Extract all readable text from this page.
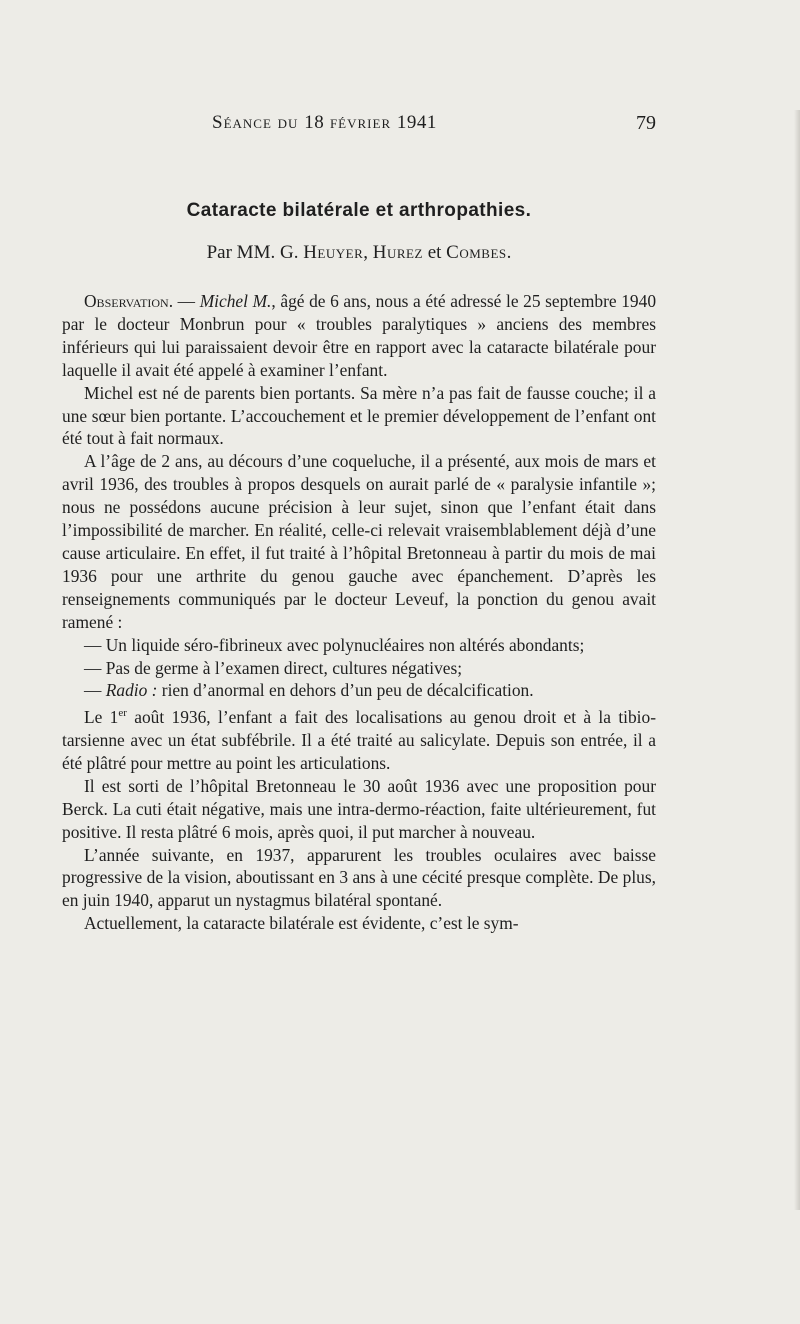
Séance du 18 février 1941	79
Cataracte bilatérale et arthropathies.
Par MM. G. Heuyer, Hurez et Combes.

Observation. — Michel M., âgé de 6 ans, nous a été adressé le 25 septembre 1940 par le docteur Monbrun pour « troubles paralytiques » anciens des membres inférieurs qui lui paraissaient devoir être en rapport avec la cataracte bilatérale pour laquelle il avait été appelé à examiner l’enfant.

Michel est né de parents bien portants. Sa mère n’a pas fait de fausse couche; il a une sœur bien portante. L’accouchement et le premier développement de l’enfant ont été tout à fait normaux.

A l’âge de 2 ans, au décours d’une coqueluche, il a présenté, aux mois de mars et avril 1936, des troubles à propos desquels on aurait parlé de « paralysie infantile »; nous ne possédons aucune précision à leur sujet, sinon que l’enfant était dans l’impossibilité de marcher. En réalité, celle-ci relevait vraisemblablement déjà d’une cause articulaire. En effet, il fut traité à l’hôpital Bretonneau à partir du mois de mai 1936 pour une arthrite du genou gauche avec épanchement. D’après les renseignements communiqués par le docteur Leveuf, la ponction du genou avait ramené :

— Un liquide séro-fibrineux avec polynucléaires non altérés abondants;

— Pas de germe à l’examen direct, cultures négatives;

— Radio : rien d’anormal en dehors d’un peu de décalcification.

Le 1er août 1936, l’enfant a fait des localisations au genou droit et à la tibio-tarsienne avec un état subfébrile. Il a été traité au salicylate. Depuis son entrée, il a été plâtré pour mettre au point les articulations.

Il est sorti de l’hôpital Bretonneau le 30 août 1936 avec une proposition pour Berck. La cuti était négative, mais une intra-dermo-réaction, faite ultérieurement, fut positive. Il resta plâtré 6 mois, après quoi, il put marcher à nouveau.

L’année suivante, en 1937, apparurent les troubles oculaires avec baisse progressive de la vision, aboutissant en 3 ans à une cécité presque complète. De plus, en juin 1940, apparut un nystagmus bilatéral spontané.

Actuellement, la cataracte bilatérale est évidente, c’est le sym-
